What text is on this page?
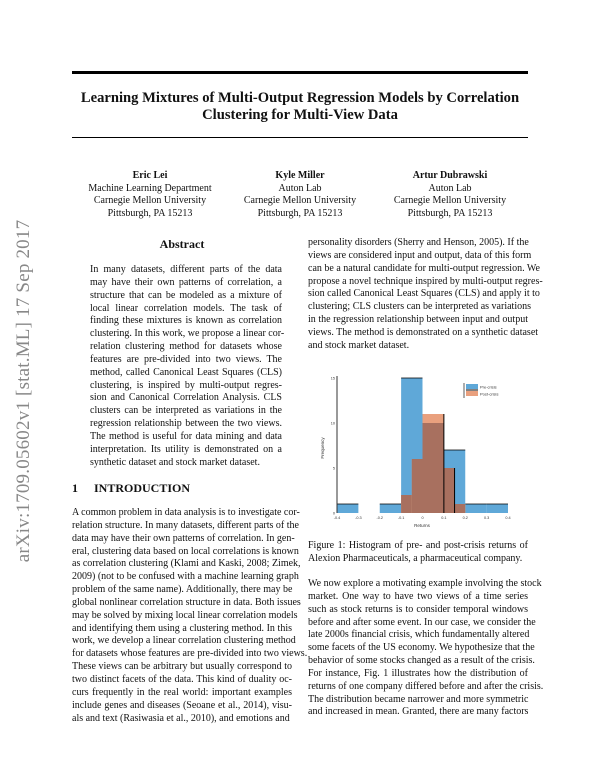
Learning Mixtures of Multi-Output Regression Models by Correlation
Clustering for Multi-View Data
arXiv:1709.05602v1 [stat.ML] 17 Sep 2017
Eric Lei
Machine Learning Department
Carnegie Mellon University
Pittsburgh, PA 15213
Kyle Miller
Auton Lab
Carnegie Mellon University
Pittsburgh, PA 15213
Artur Dubrawski
Auton Lab
Carnegie Mellon University
Pittsburgh, PA 15213
Abstract
In many datasets, different parts of the data
may have their own patterns of correlation, a
structure that can be modeled as a mixture of
local linear correlation models. The task of
finding these mixtures is known as correlation
clustering. In this work, we propose a linear cor-
relation clustering method for datasets whose
features are pre-divided into two views. The
method, called Canonical Least Squares (CLS)
clustering, is inspired by multi-output regres-
sion and Canonical Correlation Analysis. CLS
clusters can be interpreted as variations in the
regression relationship between the two views.
The method is useful for data mining and data
interpretation. Its utility is demonstrated on a
synthetic dataset and stock market dataset.
1 INTRODUCTION
A common problem in data analysis is to investigate cor-
relation structure. In many datasets, different parts of the
data may have their own patterns of correlation. In gen-
eral, clustering data based on local correlations is known
as correlation clustering (Klami and Kaski, 2008; Zimek,
2009) (not to be confused with a machine learning graph
problem of the same name). Additionally, there may be
global nonlinear correlation structure in data. Both issues
may be solved by mixing local linear correlation models
and identifying them using a clustering method. In this
work, we develop a linear correlation clustering method
for datasets whose features are pre-divided into two views.
These views can be arbitrary but usually correspond to
two distinct facets of the data. This kind of duality oc-
curs frequently in the real world: important examples
include genes and diseases (Seoane et al., 2014), visu-
als and text (Rasiwasia et al., 2010), and emotions and
personality disorders (Sherry and Henson, 2005). If the
views are considered input and output, data of this form
can be a natural candidate for multi-output regression. We
propose a novel technique inspired by multi-output regres-
sion called Canonical Least Squares (CLS) and apply it to
clustering; CLS clusters can be interpreted as variations
in the regression relationship between input and output
views. The method is demonstrated on a synthetic dataset
and stock market dataset.
-0.4	-0.3	-0.2	-0.1	0	0.1	0.2	0.3	0.4
0
5
10
15
Returns
Frequency
Pre-crisis
Post-crisis
Figure 1: Histogram of pre- and post-crisis returns of
Alexion Pharmaceuticals, a pharmaceutical company.
We now explore a motivating example involving the stock
market. One way to have two views of a time series
such as stock returns is to consider temporal windows
before and after some event. In our case, we consider the
late 2000s financial crisis, which fundamentally altered
some facets of the US economy. We hypothesize that the
behavior of some stocks changed as a result of the crisis.
For instance, Fig. 1 illustrates how the distribution of
returns of one company differed before and after the crisis.
The distribution became narrower and more symmetric
and increased in mean. Granted, there are many factors
